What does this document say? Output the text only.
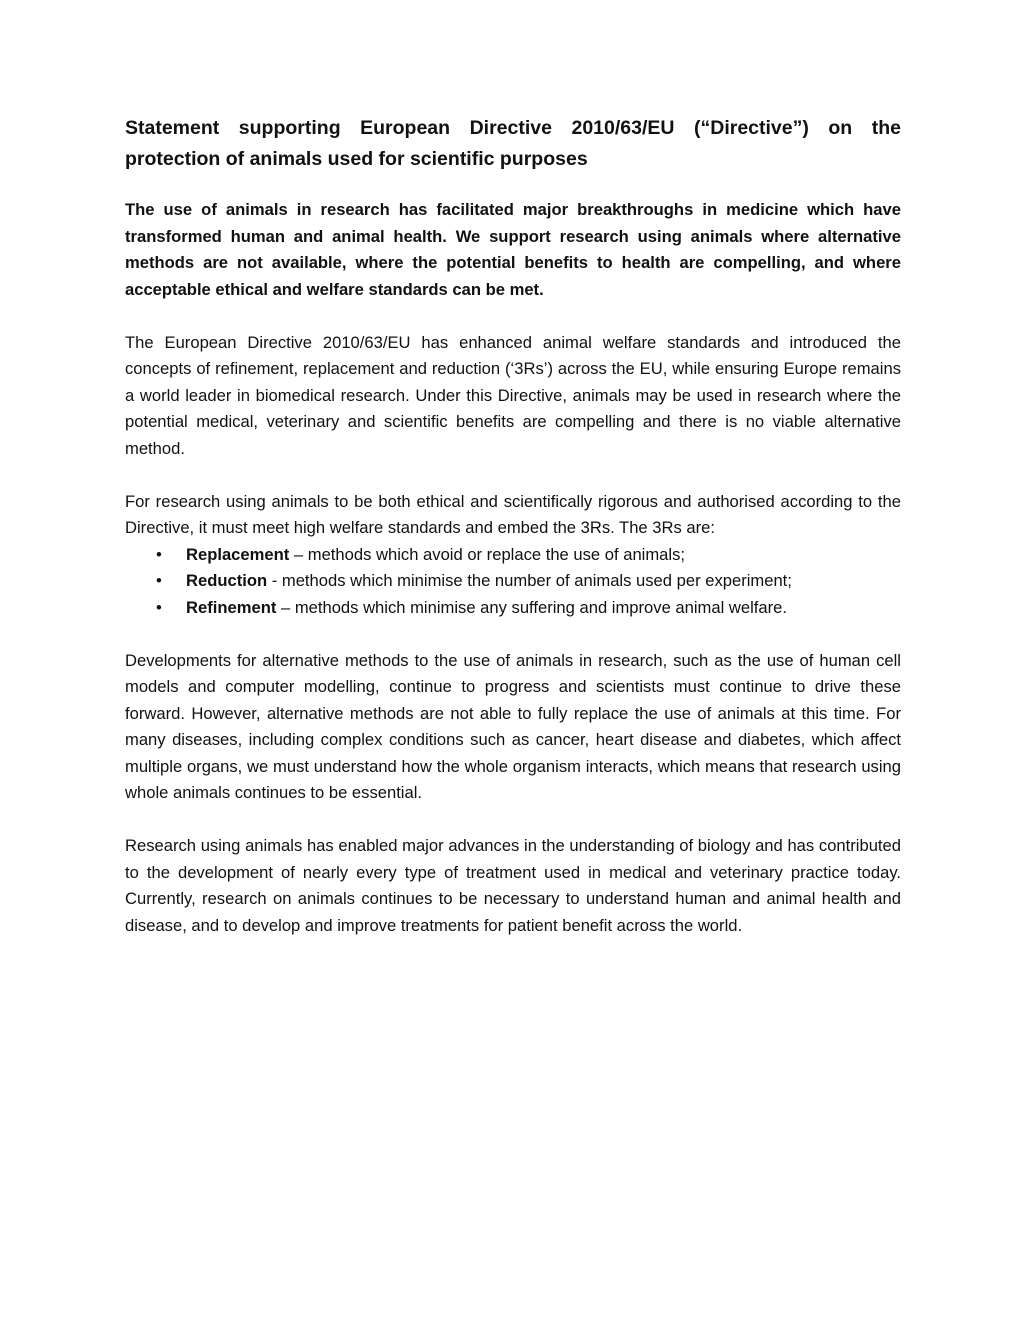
Statement supporting European Directive 2010/63/EU (“Directive”) on the protection of animals used for scientific purposes

The use of animals in research has facilitated major breakthroughs in medicine which have transformed human and animal health. We support research using animals where alternative methods are not available, where the potential benefits to health are compelling, and where acceptable ethical and welfare standards can be met.

The European Directive 2010/63/EU has enhanced animal welfare standards and introduced the concepts of refinement, replacement and reduction (‘3Rs’) across the EU, while ensuring Europe remains a world leader in biomedical research. Under this Directive, animals may be used in research where the potential medical, veterinary and scientific benefits are compelling and there is no viable alternative method.

For research using animals to be both ethical and scientifically rigorous and authorised according to the Directive, it must meet high welfare standards and embed the 3Rs. The 3Rs are:

• Replacement – methods which avoid or replace the use of animals;
• Reduction - methods which minimise the number of animals used per experiment;
• Refinement – methods which minimise any suffering and improve animal welfare.

Developments for alternative methods to the use of animals in research, such as the use of human cell models and computer modelling, continue to progress and scientists must continue to drive these forward. However, alternative methods are not able to fully replace the use of animals at this time. For many diseases, including complex conditions such as cancer, heart disease and diabetes, which affect multiple organs, we must understand how the whole organism interacts, which means that research using whole animals continues to be essential.

Research using animals has enabled major advances in the understanding of biology and has contributed to the development of nearly every type of treatment used in medical and veterinary practice today. Currently, research on animals continues to be necessary to understand human and animal health and disease, and to develop and improve treatments for patient benefit across the world.
